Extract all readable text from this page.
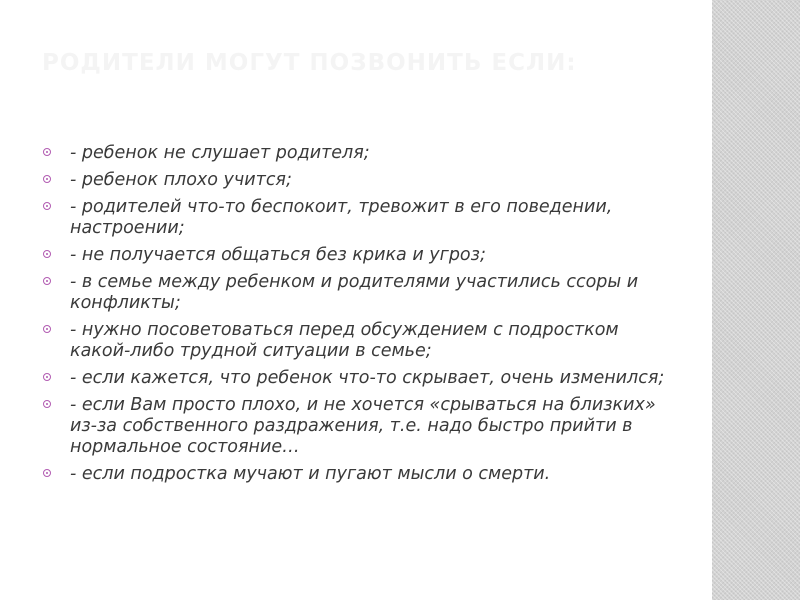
РОДИТЕЛИ МОГУТ ПОЗВОНИТЬ ЕСЛИ:
- ребенок не слушает родителя;
- ребенок плохо учится;
- родителей что-то беспокоит, тревожит в его поведении, настроении;
- не получается общаться без крика и угроз;
- в семье между ребенком и родителями участились ссоры и конфликты;
- нужно посоветоваться перед обсуждением с подростком какой-либо трудной ситуации в семье;
- если кажется, что ребенок что-то скрывает, очень изменился;
- если Вам просто плохо, и не хочется «срываться на близких» из-за собственного раздражения, т.е. надо быстро прийти в нормальное состояние…
- если подростка мучают и пугают мысли о смерти.
